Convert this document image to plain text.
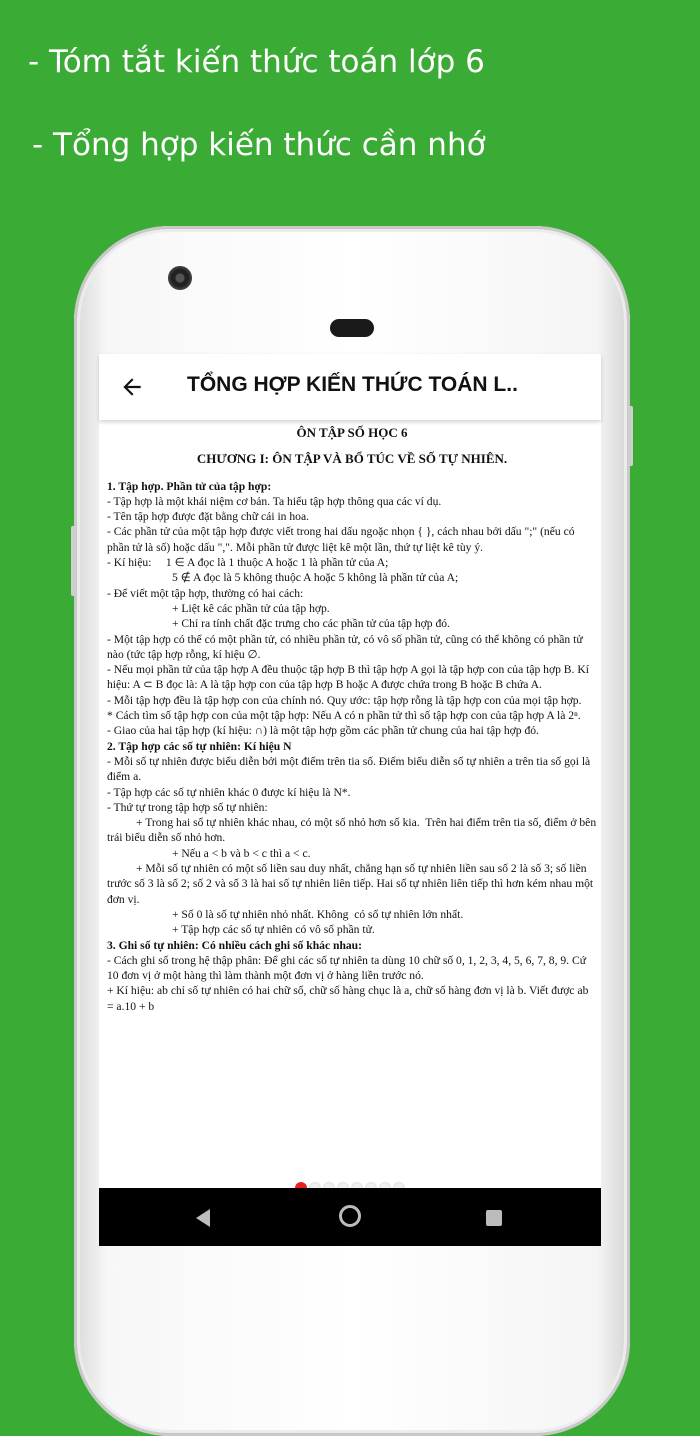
- Tóm tắt kiến thức toán lớp 6
- Tổng hợp kiến thức cần nhớ
TỔNG HỢP KIẾN THỨC TOÁN L..
ÔN TẬP SỐ HỌC 6
CHƯƠNG I: ÔN TẬP VÀ BỔ TÚC VỀ SỐ TỰ NHIÊN.

1. Tập hợp. Phần tử của tập hợp:

- Tập hợp là một khái niệm cơ bản. Ta hiểu tập hợp thông qua các ví dụ.

- Tên tập hợp được đặt bằng chữ cái in hoa.

- Các phần tử của một tập hợp được viết trong hai dấu ngoặc nhọn { }, cách nhau bởi dấu ";" (nếu có phần tử là số) hoặc dấu ",". Mỗi phần tử được liệt kê một lần, thứ tự liệt kê tùy ý.

- Kí hiệu:     1 ∈ A đọc là 1 thuộc A hoặc 1 là phần tử của A;

5 ∉ A đọc là 5 không thuộc A hoặc 5 không là phần tử của A;

- Để viết một tập hợp, thường có hai cách:

+ Liệt kê các phần tử của tập hợp.

+ Chỉ ra tính chất đặc trưng cho các phần tử của tập hợp đó.

- Một tập hợp có thể có một phần tử, có nhiều phần tử, có vô số phần tử, cũng có thể không có phần tử nào (tức tập hợp rỗng, kí hiệu ∅.

- Nếu mọi phần tử của tập hợp A đều thuộc tập hợp B thì tập hợp A gọi là tập hợp con của tập hợp B. Kí hiệu: A ⊂ B đọc là: A là tập hợp con của tập hợp B hoặc A được chứa trong B hoặc B chứa A.

- Mỗi tập hợp đều là tập hợp con của chính nó. Quy ước: tập hợp rỗng là tập hợp con của mọi tập hợp.

* Cách tìm số tập hợp con của một tập hợp: Nếu A có n phần tử thì số tập hợp con của tập hợp A là 2ⁿ.

- Giao của hai tập hợp (kí hiệu: ∩) là một tập hợp gồm các phần tử chung của hai tập hợp đó.

2. Tập hợp các số tự nhiên: Kí hiệu N

- Mỗi số tự nhiên được biểu diễn bởi một điểm trên tia số. Điểm biểu diễn số tự nhiên a trên tia số gọi là điểm a.

- Tập hợp các số tự nhiên khác 0 được kí hiệu là N*.

- Thứ tự trong tập hợp số tự nhiên:

+ Trong hai số tự nhiên khác nhau, có một số nhỏ hơn số kia.  Trên hai điểm trên tia số, điểm ở bên trái biểu diễn số nhỏ hơn.

+ Nếu a < b và b < c thì a < c.

+ Mỗi số tự nhiên có một số liền sau duy nhất, chẳng hạn số tự nhiên liền sau số 2 là số 3; số liền trước số 3 là số 2; số 2 và số 3 là hai số tự nhiên liên tiếp. Hai số tự nhiên liên tiếp thì hơn kém nhau một đơn vị.

+ Số 0 là số tự nhiên nhỏ nhất. Không  có số tự nhiên lớn nhất.

+ Tập hợp các số tự nhiên có vô số phần tử.

3. Ghi số tự nhiên: Có nhiều cách ghi số khác nhau:

- Cách ghi số trong hệ thập phân: Để ghi các số tự nhiên ta dùng 10 chữ số 0, 1, 2, 3, 4, 5, 6, 7, 8, 9. Cứ 10 đơn vị ở một hàng thì làm thành một đơn vị ở hàng liền trước nó.

+ Kí hiệu: ab chỉ số tự nhiên có hai chữ số, chữ số hàng chục là a, chữ số hàng đơn vị là b. Viết được ab = a.10 + b
